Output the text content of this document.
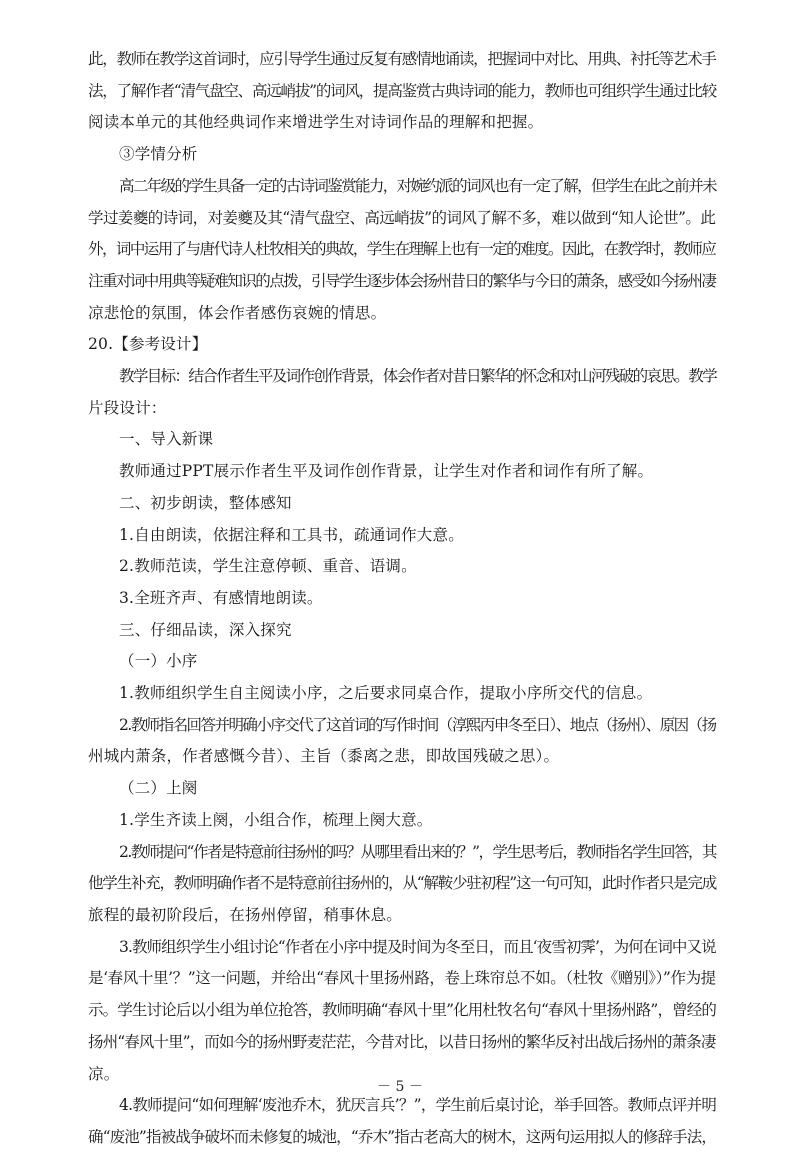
此，教师在教学这首词时，应引导学生通过反复有感情地诵读，把握词中对比、用典、衬托等艺术手
法，了解作者“清气盘空、高远峭拔”的词风，提高鉴赏古典诗词的能力，教师也可组织学生通过比较
阅读本单元的其他经典词作来增进学生对诗词作品的理解和把握。

③学情分析

高二年级的学生具备一定的古诗词鉴赏能力，对婉约派的词风也有一定了解，但学生在此之前并未
学过姜夔的诗词，对姜夔及其“清气盘空、高远峭拔”的词风了解不多，难以做到“知人论世”。此
外，词中运用了与唐代诗人杜牧相关的典故，学生在理解上也有一定的难度。因此，在教学时，教师应
注重对词中用典等疑难知识的点拨，引导学生逐步体会扬州昔日的繁华与今日的萧条，感受如今扬州凄
凉悲怆的氛围，体会作者感伤哀婉的情思。

20.【参考设计】

教学目标：结合作者生平及词作创作背景，体会作者对昔日繁华的怀念和对山河残破的哀思。教学
片段设计：

一、导入新课

教师通过PPT展示作者生平及词作创作背景，让学生对作者和词作有所了解。

二、初步朗读，整体感知

1.自由朗读，依据注释和工具书，疏通词作大意。

2.教师范读，学生注意停顿、重音、语调。

3.全班齐声、有感情地朗读。

三、仔细品读，深入探究

（一）小序

1.教师组织学生自主阅读小序，之后要求同桌合作，提取小序所交代的信息。

2.教师指名回答并明确小序交代了这首词的写作时间（淳熙丙申冬至日）、地点（扬州）、原因（扬
州城内萧条，作者感慨今昔）、主旨（黍离之悲，即故国残破之思）。

（二）上阕

1.学生齐读上阕，小组合作，梳理上阕大意。

2.教师提问“作者是特意前往扬州的吗？从哪里看出来的？”，学生思考后，教师指名学生回答，其
他学生补充，教师明确作者不是特意前往扬州的，从“解鞍少驻初程”这一句可知，此时作者只是完成
旅程的最初阶段后，在扬州停留，稍事休息。

3.教师组织学生小组讨论“作者在小序中提及时间为冬至日，而且‘夜雪初霁’，为何在词中又说
是‘春风十里’？”这一问题，并给出“春风十里扬州路，卷上珠帘总不如。（杜牧《赠别》）”作为提
示。学生讨论后以小组为单位抢答，教师明确“春风十里”化用杜牧名句“春风十里扬州路”，曾经的
扬州“春风十里”，而如今的扬州野麦茫茫，今昔对比，以昔日扬州的繁华反衬出战后扬州的萧条凄
凉。

4.教师提问“如何理解‘废池乔木，犹厌言兵’？”，学生前后桌讨论，举手回答。教师点评并明
确“废池”指被战争破坏而未修复的城池，“乔木”指古老高大的树木，这两句运用拟人的修辞手法，

－ 5 －
